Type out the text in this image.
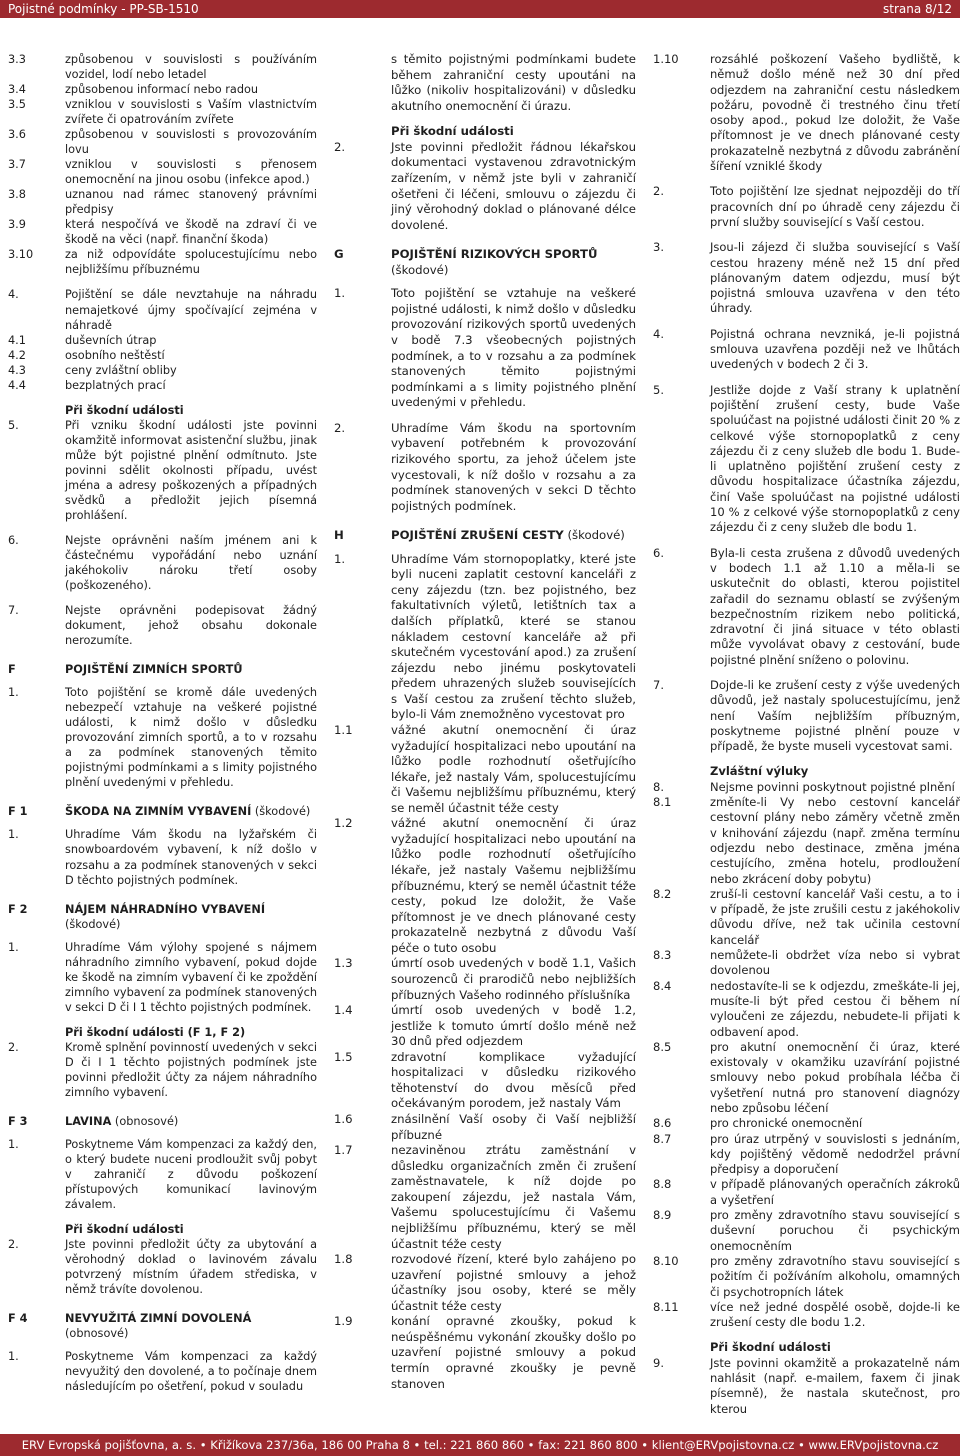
Pojistné podmínky - PP-SB-1510	strana 8/12
3.3	způsobenou v souvislosti s používáním vozidel, lodí nebo letadel
3.4	způsobenou informací nebo radou
3.5	vzniklou v souvislosti s Vaším vlastnictvím zvířete či opatrováním zvířete
3.6	způsobenou v souvislosti s provozováním lovu
3.7	vzniklou v souvislosti s přenosem onemocnění na jinou osobu (infekce apod.)
3.8	uznanou nad rámec stanovený právními předpisy
3.9	která nespočívá ve škodě na zdraví či ve škodě na věci (např. finanční škoda)
3.10	za niž odpovídáte spolucestujícímu nebo nejbližšímu příbuznému
4.	Pojištění se dále nevztahuje na náhradu nemajetkové újmy spočívající zejména v náhradě
4.1	duševních útrap
4.2	osobního neštěstí
4.3	ceny zvláštní obliby
4.4	bezplatných prací
Při škodní události
5.	Při vzniku škodní události jste povinni okamžitě informovat asistenční službu, jinak může být pojistné plnění odmítnuto. Jste povinni sdělit okolnosti případu, uvést jména a adresy poškozených a případných svědků a předložit jejich písemná prohlášení.
6.	Nejste oprávněni naším jménem ani k částečnému vypořádání nebo uznání jakéhokoliv nároku třetí osoby (poškozeného).
7.	Nejste oprávněni podepisovat žádný dokument, jehož obsahu dokonale nerozumíte.
F	POJIŠTĚNÍ ZIMNÍCH SPORTŮ
1.	Toto pojištění se kromě dále uvedených nebezpečí vztahuje na veškeré pojistné události, k nimž došlo v důsledku provozování zimních sportů, a to v rozsahu a za podmínek stanovených těmito pojistnými podmínkami a s limity pojistného plnění uvedenými v přehledu.
F 1	ŠKODA NA ZIMNÍM VYBAVENÍ (škodové)
1.	Uhradíme Vám škodu na lyžařském či snowboardovém vybavení, k níž došlo v rozsahu a za podmínek stanovených v sekci D těchto pojistných podmínek.
F 2	NÁJEM NÁHRADNÍHO VYBAVENÍ (škodové)
1.	Uhradíme Vám výlohy spojené s nájmem náhradního zimního vybavení, pokud dojde ke škodě na zimním vybavení či ke zpoždění zimního vybavení za podmínek stanovených v sekci D či I 1 těchto pojistných podmínek.
Při škodní události (F 1, F 2)
2.	Kromě splnění povinností uvedených v sekci D či I 1 těchto pojistných podmínek jste povinni předložit účty za nájem náhradního zimního vybavení.
F 3	LAVINA (obnosové)
1.	Poskytneme Vám kompenzaci za každý den, o který budete nuceni prodloužit svůj pobyt v zahraničí z důvodu poškození přístupových komunikací lavinovým závalem.
Při škodní události
2.	Jste povinni předložit účty za ubytování a věrohodný doklad o lavinovém závalu potvrzený místním úřadem střediska, v němž trávíte dovolenou.
F 4	NEVYUŽITÁ ZIMNÍ DOVOLENÁ (obnosové)
1.	Poskytneme Vám kompenzaci za každý nevyužitý den dovolené, a to počínaje dnem následujícím po ošetření, pokud v souladu
s těmito pojistnými podmínkami budete během zahraniční cesty upoutáni na lůžko (nikoliv hospitalizováni) v důsledku akutního onemocnění či úrazu.
Při škodní události
2.	Jste povinni předložit řádnou lékařskou dokumentaci vystavenou zdravotnickým zařízením, v němž jste byli v zahraničí ošetřeni či léčeni, smlouvu o zájezdu či jiný věrohodný doklad o plánované délce dovolené.
G	POJIŠTĚNÍ RIZIKOVÝCH SPORTŮ (škodové)
1.	Toto pojištění se vztahuje na veškeré pojistné události, k nimž došlo v důsledku provozování rizikových sportů uvedených v bodě 7.3 všeobecných pojistných podmínek, a to v rozsahu a za podmínek stanovených těmito pojistnými podmínkami a s limity pojistného plnění uvedenými v přehledu.
2.	Uhradíme Vám škodu na sportovním vybavení potřebném k provozování rizikového sportu, za jehož účelem jste vycestovali, k níž došlo v rozsahu a za podmínek stanovených v sekci D těchto pojistných podmínek.
H	POJIŠTĚNÍ ZRUŠENÍ CESTY (škodové)
1.	Uhradíme Vám stornopoplatky, které jste byli nuceni zaplatit cestovní kanceláři z ceny zájezdu (tzn. bez pojistného, bez fakultativních výletů, letištních tax a dalších příplatků, které se stanou nákladem cestovní kanceláře až při skutečném vycestování apod.) za zrušení zájezdu nebo jinému poskytovateli předem uhrazených služeb souvisejících s Vaší cestou za zrušení těchto služeb, bylo-li Vám znemožněno vycestovat pro
1.1	vážné akutní onemocnění či úraz vyžadující hospitalizaci nebo upoutání na lůžko podle rozhodnutí ošetřujícího lékaře, jež nastaly Vám, spolucestujícímu či Vašemu nejbližšímu příbuznému, který se neměl účastnit téže cesty
1.2	vážné akutní onemocnění či úraz vyžadující hospitalizaci nebo upoutání na lůžko podle rozhodnutí ošetřujícího lékaře, jež nastaly Vašemu nejbližšímu příbuznému, který se neměl účastnit téže cesty, pokud lze doložit, že Vaše přítomnost je ve dnech plánované cesty prokazatelně nezbytná z důvodu Vaší péče o tuto osobu
1.3	úmrtí osob uvedených v bodě 1.1, Vašich sourozenců či prarodičů nebo nejbližších příbuzných Vašeho rodinného příslušníka
1.4	úmrtí osob uvedených v bodě 1.2, jestliže k tomuto úmrtí došlo méně než 30 dnů před odjezdem
1.5	zdravotní komplikace vyžadující hospitalizaci v důsledku rizikového těhotenství do dvou měsíců před očekávaným porodem, jež nastaly Vám
1.6	znásilnění Vaší osoby či Vaší nejbližší příbuzné
1.7	nezaviněnou ztrátu zaměstnání v důsledku organizačních změn či zrušení zaměstnavatele, k níž dojde po zakoupení zájezdu, jež nastala Vám, Vašemu spolucestujícímu či Vašemu nejbližšímu příbuznému, který se měl účastnit téže cesty
1.8	rozvodové řízení, které bylo zahájeno po uzavření pojistné smlouvy a jehož účastníky jsou osoby, které se měly účastnit téže cesty
1.9	konání opravné zkoušky, pokud k neúspěšnému vykonání zkoušky došlo po uzavření pojistné smlouvy a pokud termín opravné zkoušky je pevně stanoven
1.10	rozsáhlé poškození Vašeho bydliště, k němuž došlo méně než 30 dní před odjezdem na zahraniční cestu následkem požáru, povodně či trestného činu třetí osoby apod., pokud lze doložit, že Vaše přítomnost je ve dnech plánované cesty prokazatelně nezbytná z důvodu zabránění šíření vzniklé škody
2.	Toto pojištění lze sjednat nejpozději do tří pracovních dní po úhradě ceny zájezdu či první služby související s Vaší cestou.
3.	Jsou-li zájezd či služba související s Vaší cestou hrazeny méně než 15 dní před plánovaným datem odjezdu, musí být pojistná smlouva uzavřena v den této úhrady.
4.	Pojistná ochrana nevzniká, je-li pojistná smlouva uzavřena později než ve lhůtách uvedených v bodech 2 či 3.
5.	Jestliže dojde z Vaší strany k uplatnění pojištění zrušení cesty, bude Vaše spoluúčast na pojistné události činit 20 % z celkové výše stornopoplatků z ceny zájezdu či z ceny služeb dle bodu 1. Bude-li uplatněno pojištění zrušení cesty z důvodu hospitalizace účastníka zájezdu, činí Vaše spoluúčast na pojistné události 10 % z celkové výše stornopoplatků z ceny zájezdu či z ceny služeb dle bodu 1.
6.	Byla-li cesta zrušena z důvodů uvedených v bodech 1.1 až 1.10 a měla-li se uskutečnit do oblasti, kterou pojistitel zařadil do seznamu oblastí se zvýšeným bezpečnostním rizikem nebo politická, zdravotní či jiná situace v této oblasti může vyvolávat obavy z cestování, bude pojistné plnění sníženo o polovinu.
7.	Dojde-li ke zrušení cesty z výše uvedených důvodů, jež nastaly spolucestujícímu, jenž není Vaším nejbližším příbuzným, poskytneme pojistné plnění pouze v případě, že byste museli vycestovat sami.
Zvláštní výluky
8.	Nejsme povinni poskytnout pojistné plnění
8.1	změníte-li Vy nebo cestovní kancelář cestovní plány nebo záměry včetně změn v knihování zájezdu (např. změna termínu odjezdu nebo destinace, změna jména cestujícího, změna hotelu, prodloužení nebo zkrácení doby pobytu)
8.2	zruší-li cestovní kancelář Vaši cestu, a to i v případě, že jste zrušili cestu z jakéhokoliv důvodu dříve, než tak učinila cestovní kancelář
8.3	nemůžete-li obdržet víza nebo si vybrat dovolenou
8.4	nedostavíte-li se k odjezdu, zmeškáte-li jej, musíte-li být před cestou či během ní vyloučeni ze zájezdu, nebudete-li přijati k odbavení apod.
8.5	pro akutní onemocnění či úraz, které existovaly v okamžiku uzavírání pojistné smlouvy nebo pokud probíhala léčba či vyšetření nutná pro stanovení diagnózy nebo způsobu léčení
8.6	pro chronické onemocnění
8.7	pro úraz utrpěný v souvislosti s jednáním, kdy pojištěný vědomě nedodržel právní předpisy a doporučení
8.8	v případě plánovaných operačních zákroků a vyšetření
8.9	pro změny zdravotního stavu související s duševní poruchou či psychickým onemocněním
8.10	pro změny zdravotního stavu související s požitím či požíváním alkoholu, omamných či psychotropních látek
8.11	více než jedné dospělé osobě, dojde-li ke zrušení cesty dle bodu 1.2.
Při škodní události
9.	Jste povinni okamžitě a prokazatelně nám nahlásit (např. e-mailem, faxem či jinak písemně), že nastala skutečnost, pro kterou
ERV Evropská pojišťovna, a. s. • Křižíkova 237/36a, 186 00 Praha 8 • tel.: 221 860 860 • fax: 221 860 800 • klient@ERVpojistovna.cz • www.ERVpojistovna.cz
